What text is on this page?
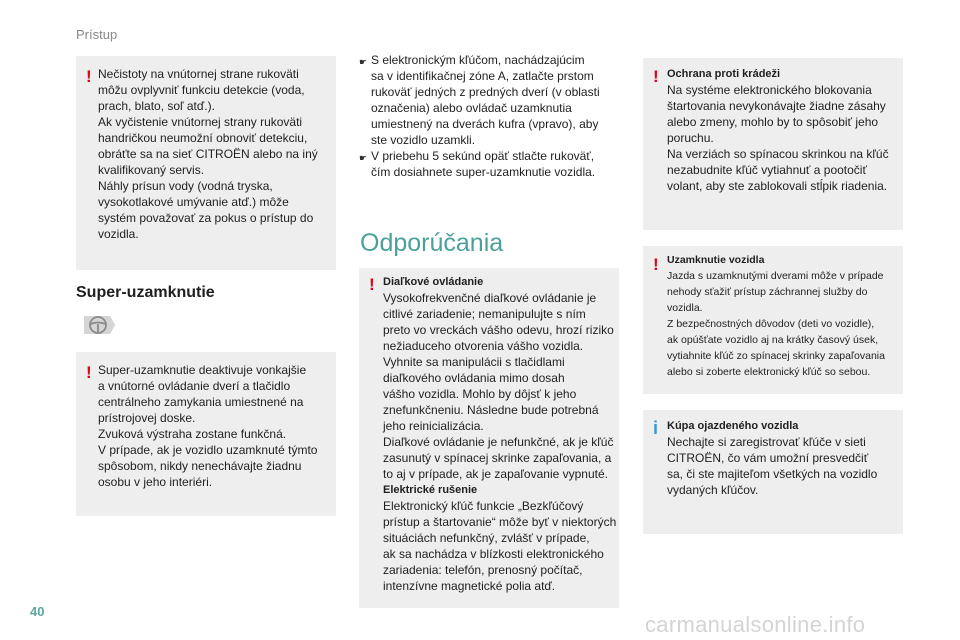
Prístup
! Nečistoty na vnútornej strane rukoväti
môžu ovplyvniť funkciu detekcie (voda,
prach, blato, soľ atď.).
Ak vyčistenie vnútornej strany rukoväti
handričkou neumožní obnoviť detekciu,
obráťte sa na sieť CITROËN alebo na iný
kvalifikovaný servis.
Náhly prísun vody (vodná tryska,
vysokotlakové umývanie atď.) môže
systém považovať za pokus o prístup do
vozidla.
Super-uzamknutie
! Super-uzamknutie deaktivuje vonkajšie
a vnútorné ovládanie dverí a tlačidlo
centrálneho zamykania umiestnené na
prístrojovej doske.
Zvuková výstraha zostane funkčná.
V prípade, ak je vozidlo uzamknuté týmto
spôsobom, nikdy nenechávajte žiadnu
osobu v jeho interiéri.
☛ S elektronickým kľúčom, nachádzajúcim
sa v identifikačnej zóne A, zatlačte prstom
rukoväť jedných z predných dverí (v oblasti
označenia) alebo ovládač uzamknutia
umiestnený na dverách kufra (vpravo), aby
ste vozidlo uzamkli.
☛ V priebehu 5 sekúnd opäť stlačte rukoväť,
čím dosiahnete super-uzamknutie vozidla.
Odporúčania
! Diaľkové ovládanie
Vysokofrekvenčné diaľkové ovládanie je
citlivé zariadenie; nemanipulujte s ním
preto vo vreckách vášho odevu, hrozí riziko
nežiaduceho otvorenia vášho vozidla.
Vyhnite sa manipulácii s tlačidlami
diaľkového ovládania mimo dosah
vášho vozidla. Mohlo by dôjsť k jeho
znefunkčneniu. Následne bude potrebná
jeho reinicializácia.
Diaľkové ovládanie je nefunkčné, ak je kľúč
zasunutý v spínacej skrinke zapaľovania, a
to aj v prípade, ak je zapaľovanie vypnuté.
Elektrické rušenie
Elektronický kľúč funkcie „Bezkľúčový
prístup a štartovanie“ môže byť v niektorých
situáciách nefunkčný, zvlášť v prípade,
ak sa nachádza v blízkosti elektronického
zariadenia: telefón, prenosný počítač,
intenzívne magnetické polia atď.
! Ochrana proti krádeži
Na systéme elektronického blokovania
štartovania nevykonávajte žiadne zásahy
alebo zmeny, mohlo by to spôsobiť jeho
poruchu.
Na verziách so spínacou skrinkou na kľúč
nezabudnite kľúč vytiahnuť a pootočiť
volant, aby ste zablokovali stĺpik riadenia.
! Uzamknutie vozidla
Jazda s uzamknutými dverami môže v prípade
nehody sťažiť prístup záchrannej služby do
vozidla.
Z bezpečnostných dôvodov (deti vo vozidle),
ak opúšťate vozidlo aj na krátky časový úsek,
vytiahnite kľúč zo spínacej skrinky zapaľovania
alebo si zoberte elektronický kľúč so sebou.
i Kúpa ojazdeného vozidla
Nechajte si zaregistrovať kľúče v sieti
CITROËN, čo vám umožní presvedčiť
sa, či ste majiteľom všetkých na vozidlo
vydaných kľúčov.
40
carmanualsonline.info
